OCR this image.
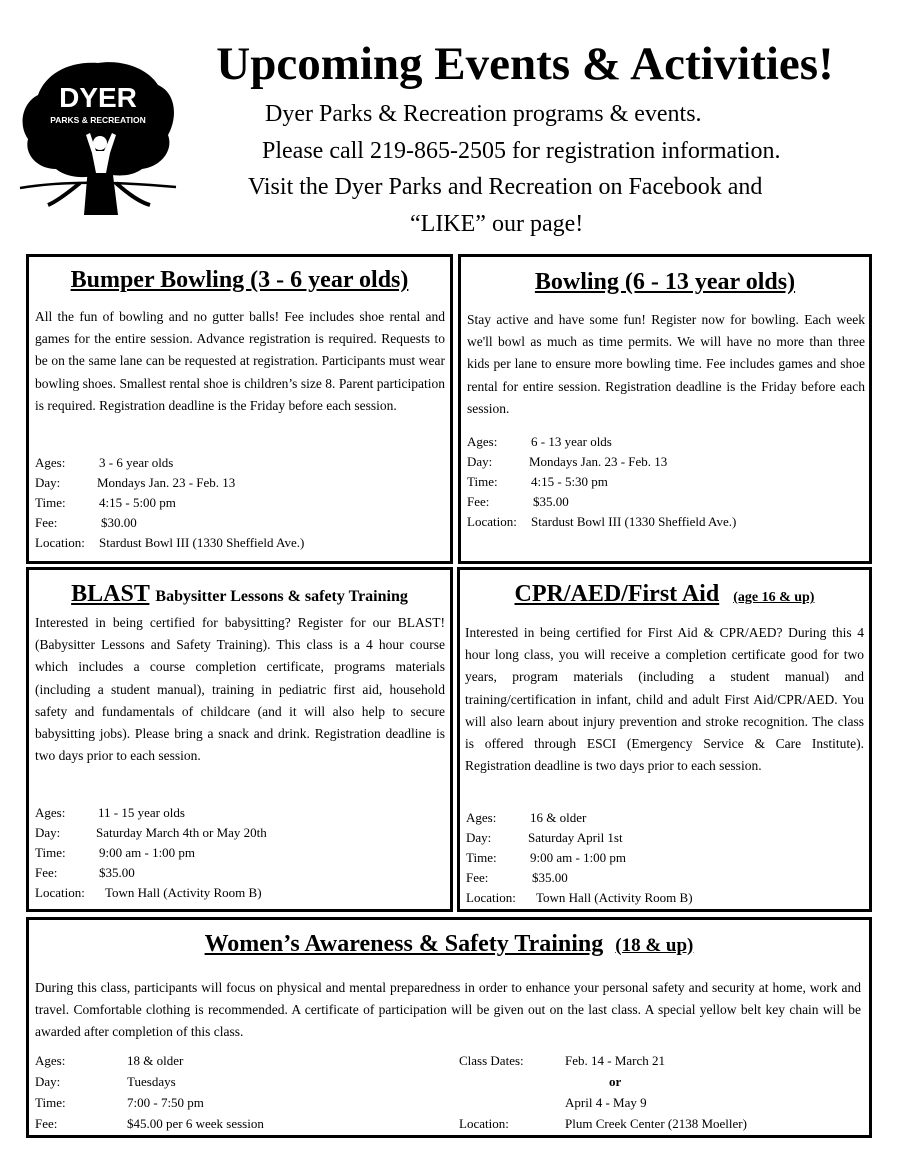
DYER
PARKS & RECREATION
Upcoming Events & Activities!
Dyer Parks & Recreation programs & events.
Please call 219-865-2505 for registration information.
Visit the Dyer Parks and Recreation on Facebook and
“LIKE” our page!
Bumper Bowling (3 - 6 year olds)
All the fun of bowling and no gutter balls! Fee includes shoe rental and games for the entire session. Advance registration is required. Requests to be on the same lane can be requested at registration. Participants must wear bowling shoes. Smallest rental shoe is children’s size 8. Parent participation is required. Registration deadline is the Friday before each session.
Ages:	3 - 6 year olds
Day:	Mondays Jan. 23 - Feb. 13
Time:	4:15 - 5:00 pm
Fee:	$30.00
Location: Stardust Bowl III (1330 Sheffield Ave.)
Bowling (6 - 13 year olds)
Stay active and have some fun! Register now for bowling. Each week we'll bowl as much as time permits. We will have no more than three kids per lane to ensure more bowling time. Fee includes games and shoe rental for entire session. Registration deadline is the Friday before each session.
Ages:	6 - 13 year olds
Day:	Mondays Jan. 23 - Feb. 13
Time:	4:15 - 5:30 pm
Fee:	$35.00
Location: Stardust Bowl III (1330 Sheffield Ave.)
BLAST Babysitter Lessons & safety Training
Interested in being certified for babysitting? Register for our BLAST! (Babysitter Lessons and Safety Training). This class is a 4 hour course which includes a course completion certificate, programs materials (including a student manual), training in pediatric first aid, household safety and fundamentals of childcare (and it will also help to secure babysitting jobs). Please bring a snack and drink. Registration deadline is two days prior to each session.
Ages:	11 - 15 year olds
Day:	Saturday March 4th or May 20th
Time:	9:00 am - 1:00 pm
Fee:	$35.00
Location: Town Hall (Activity Room B)
CPR/AED/First Aid (age 16 & up)
Interested in being certified for First Aid & CPR/AED? During this 4 hour long class, you will receive a completion certificate good for two years, program materials (including a student manual) and training/certification in infant, child and adult First Aid/CPR/AED. You will also learn about injury prevention and stroke recognition. The class is offered through ESCI (Emergency Service & Care Institute). Registration deadline is two days prior to each session.
Ages:	16 & older
Day:	Saturday April 1st
Time:	9:00 am - 1:00 pm
Fee:	$35.00
Location: Town Hall (Activity Room B)
Women’s Awareness & Safety Training (18 & up)
During this class, participants will focus on physical and mental preparedness in order to enhance your personal safety and security at home, work and travel. Comfortable clothing is recommended. A certificate of participation will be given out on the last class. A special yellow belt key chain will be awarded after completion of this class.
Ages:	18 & older
Day:	Tuesdays
Time:	7:00 - 7:50 pm
Fee:	$45.00 per 6 week session
Class Dates:	Feb. 14 - March 21
or
April 4 - May 9
Location:	Plum Creek Center (2138 Moeller)
